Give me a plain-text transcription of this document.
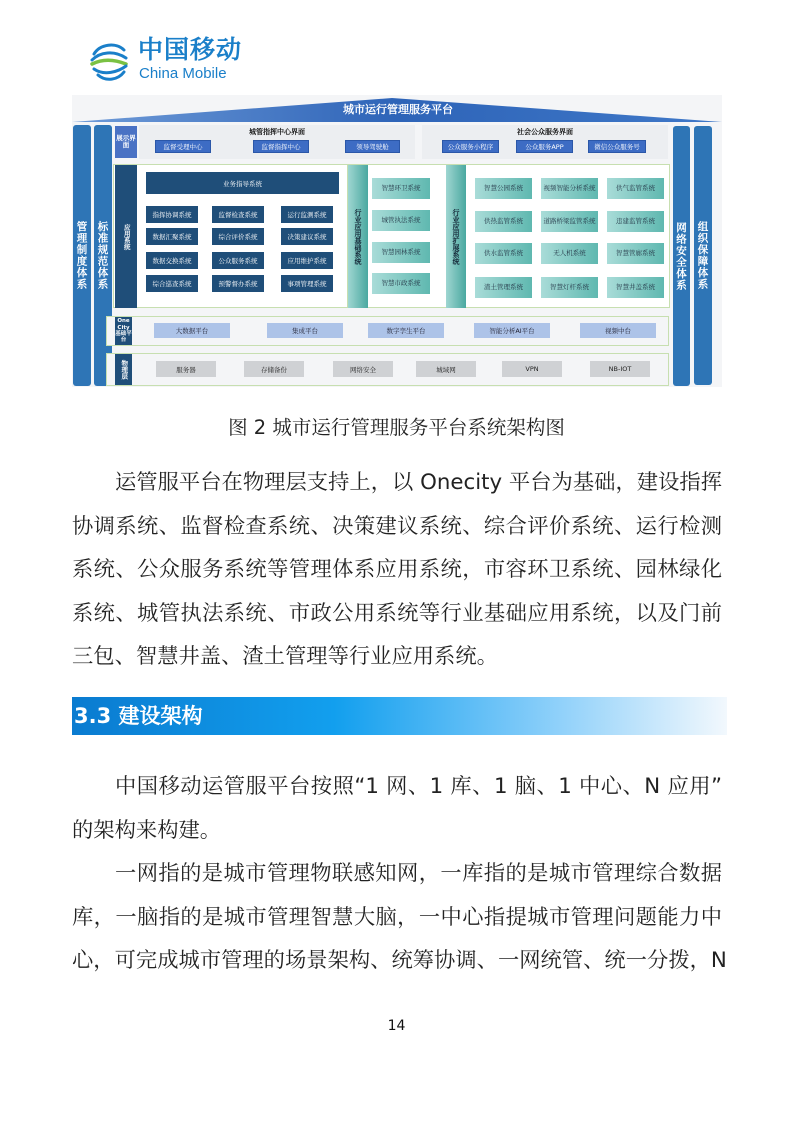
中国移动
China Mobile
城市运行管理服务平台
管理制度体系 标准规范体系	网络安全体系 组织保障体系
展示界面
城管指挥中心界面
监督受理中心	监督指挥中心	领导驾驶舱
社会公众服务界面
公众服务小程序	公众服务APP	微信公众服务号
应用系统
业务指导系统
行业应用基础系统	行业应用扩展系统
One City 基础平台
物理层
指挥协调系统	监督检查系统	运行监测系统
数据汇聚系统	综合评价系统	决策建议系统
数据交换系统	公众服务系统	应用维护系统
综合巡查系统	预警督办系统	事项管理系统
智慧环卫系统
城管执法系统
智慧园林系统
智慧市政系统
智慧公园系统	视频智能分析系统	供气监管系统
供热监管系统	道路桥梁监管系统	违建监管系统
供水监管系统	无人机系统	智慧管廊系统
渣土管理系统	智慧灯杆系统	智慧井盖系统
大数据平台	集成平台	数字孪生平台	智能分析AI平台	视频中台
服务器	存储备份	网络安全	城域网	VPN	NB-IOT
图 2 城市运行管理服务平台系统架构图
运管服平台在物理层支持上，以 Onecity 平台为基础，建设指挥
协调系统、监督检查系统、决策建议系统、综合评价系统、运行检测
系统、公众服务系统等管理体系应用系统，市容环卫系统、园林绿化
系统、城管执法系统、市政公用系统等行业基础应用系统，以及门前
三包、智慧井盖、渣土管理等行业应用系统。
3.3 建设架构
中国移动运管服平台按照“1 网、1 库、1 脑、1 中心、N 应用”
的架构来构建。
一网指的是城市管理物联感知网，一库指的是城市管理综合数据
库，一脑指的是城市管理智慧大脑，一中心指提城市管理问题能力中
心，可完成城市管理的场景架构、统筹协调、一网统管、统一分拨，N
14
